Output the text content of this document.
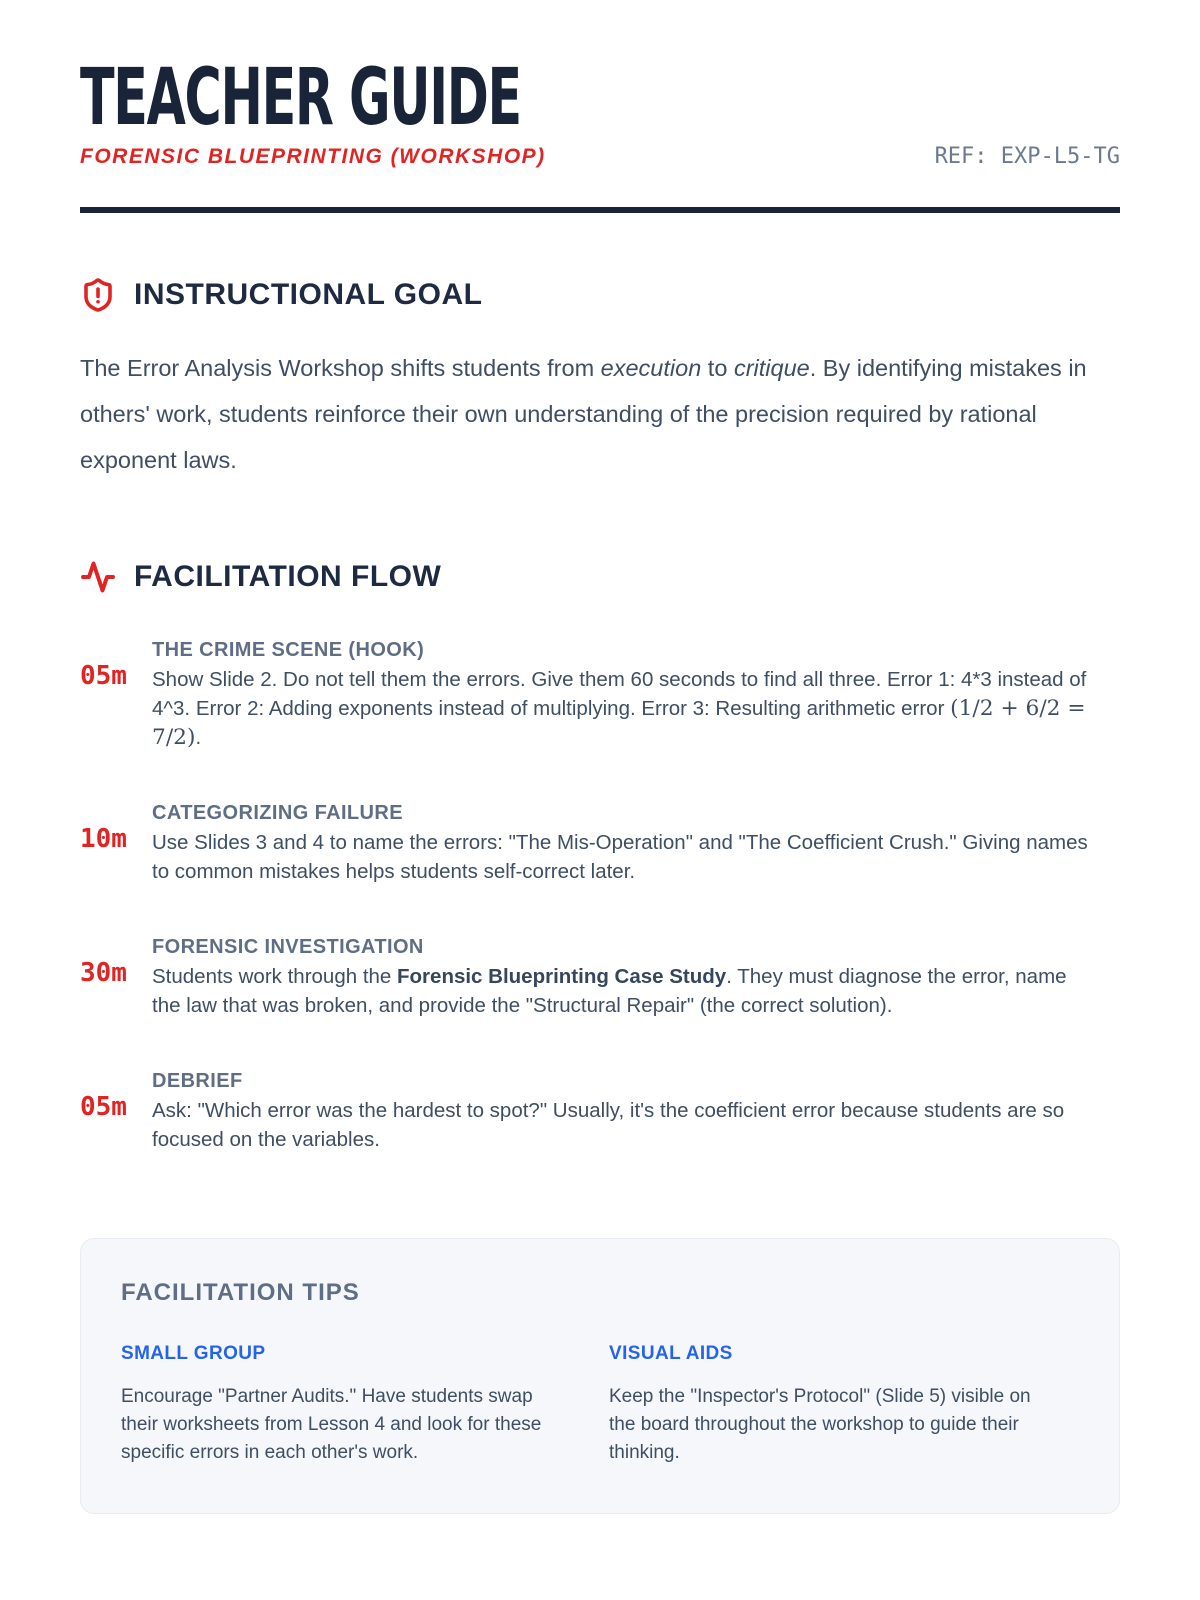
TEACHER GUIDE
FORENSIC BLUEPRINTING (WORKSHOP)	REF: EXP-L5-TG
INSTRUCTIONAL GOAL

The Error Analysis Workshop shifts students from execution to critique. By identifying mistakes in others' work, students reinforce their own understanding of the precision required by rational exponent laws.

FACILITATION FLOW
05m
THE CRIME SCENE (HOOK)
Show Slide 2. Do not tell them the errors. Give them 60 seconds to find all three. Error 1: 4*3 instead of 4^3. Error 2: Adding exponents instead of multiplying. Error 3: Resulting arithmetic error (1/2 + 6/2 = 7/2).
10m
CATEGORIZING FAILURE
Use Slides 3 and 4 to name the errors: "The Mis-Operation" and "The Coefficient Crush." Giving names to common mistakes helps students self-correct later.
30m
FORENSIC INVESTIGATION
Students work through the Forensic Blueprinting Case Study. They must diagnose the error, name the law that was broken, and provide the "Structural Repair" (the correct solution).
05m
DEBRIEF
Ask: "Which error was the hardest to spot?" Usually, it's the coefficient error because students are so focused on the variables.
FACILITATION TIPS
SMALL GROUP
Encourage "Partner Audits." Have students swap their worksheets from Lesson 4 and look for these specific errors in each other's work.
VISUAL AIDS
Keep the "Inspector's Protocol" (Slide 5) visible on the board throughout the workshop to guide their thinking.
